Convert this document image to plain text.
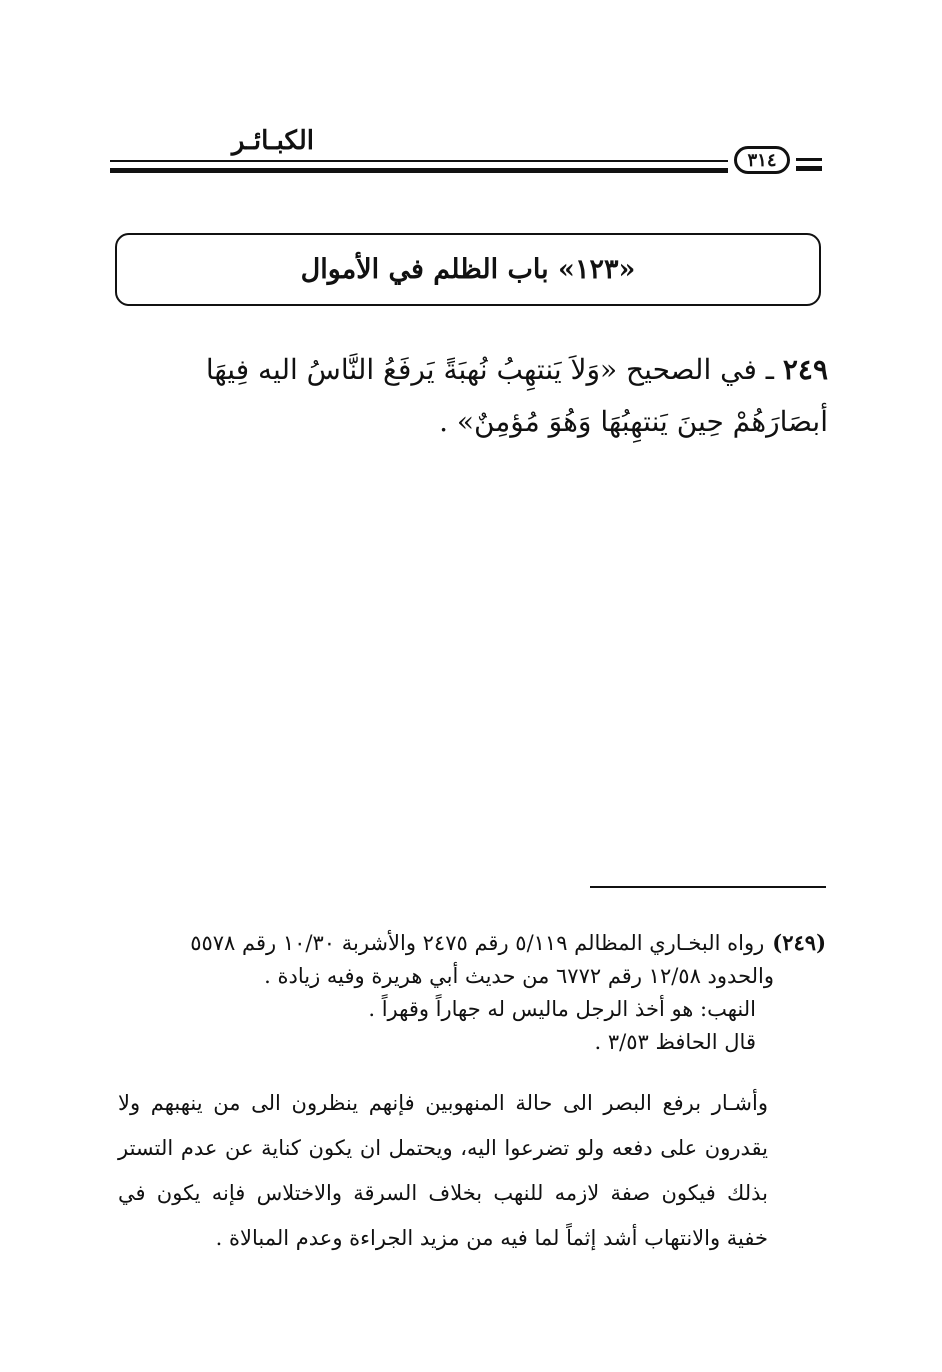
الكبـائـر
٣١٤
«١٢٣» باب الظلم في الأموال
٢٤٩ ـ في الصحيح «وَلاَ يَنتهِبُ نُهبَةً يَرفَعُ النَّاسُ اليه فِيهَا أبصَارَهُمْ حِينَ يَنتهِبُهَا وَهُوَ مُؤمِنٌ» .
(٢٤٩)رواه البخـاري المظالم ٥/١١٩ رقم ٢٤٧٥ والأشربة ١٠/٣٠ رقم ٥٥٧٨
والحدود ١٢/٥٨ رقم ٦٧٧٢ من حديث أبي هريرة وفيه زيادة .
النهب: هو أخذ الرجل ماليس له جهاراً وقهراً .
قال الحافظ ٣/٥٣ .
وأشـار برفع البصر الى حالة المنهوبين فإنهم ينظرون الى من ينهبهم ولا يقدرون على دفعه ولو تضرعوا اليه، ويحتمل ان يكون كناية عن عدم التستر بذلك فيكون صفة لازمه للنهب بخلاف السرقة والاختلاس فإنه يكون في خفية والانتهاب أشد إثماً لما فيه من مزيد الجراءة وعدم المبالاة .
